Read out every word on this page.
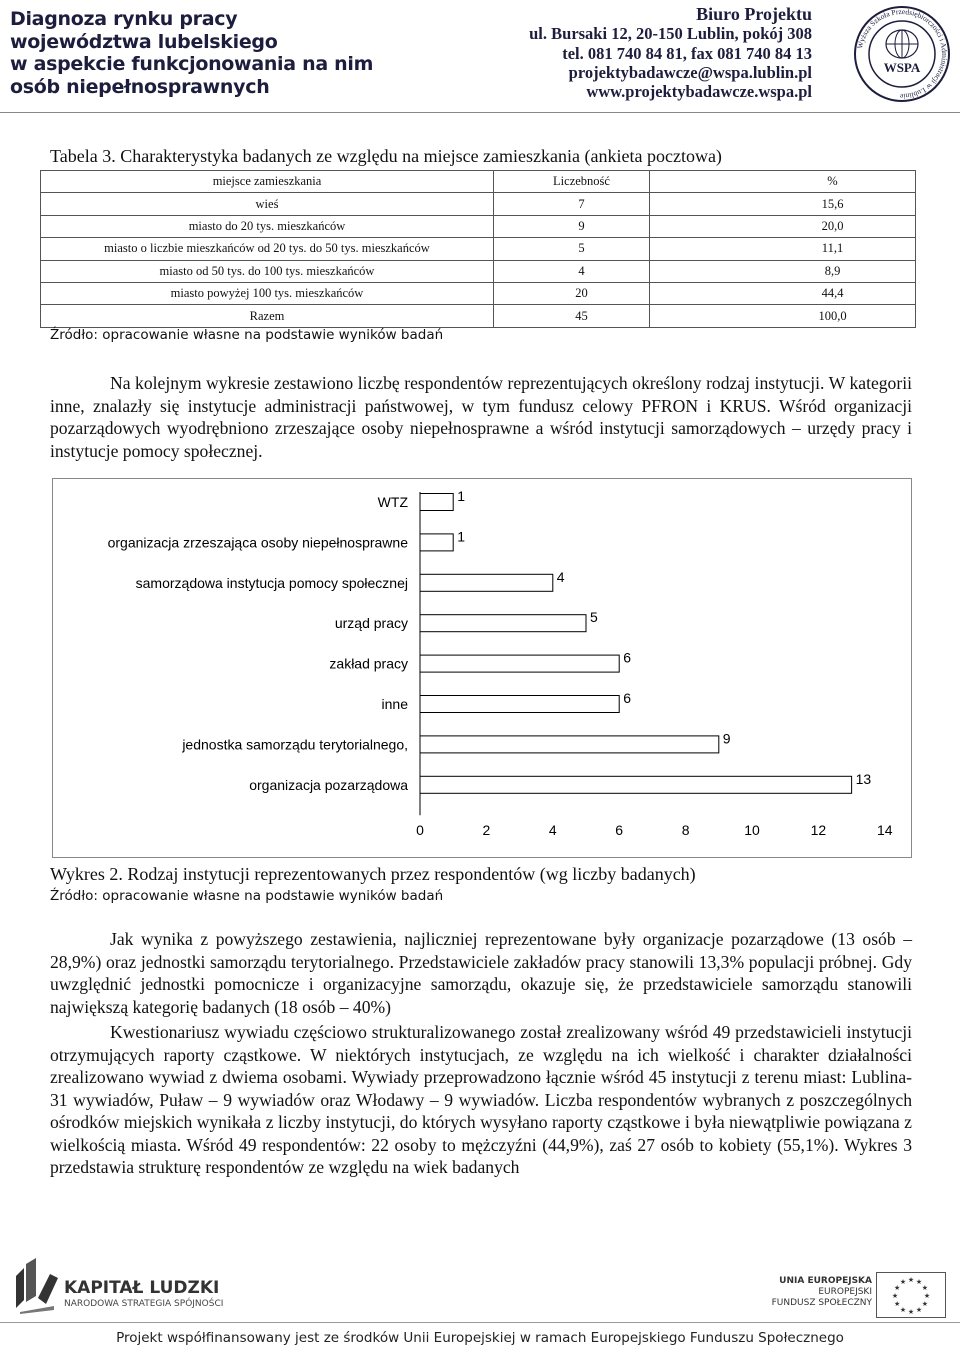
Diagnoza rynku pracy
województwa lubelskiego
w aspekcie funkcjonowania na nim
osób niepełnosprawnych
Biuro Projektu
ul. Bursaki 12, 20-150 Lublin, pokój 308
tel. 081 740 84 81, fax 081 740 84 13
projektybadawcze@wspa.lublin.pl
www.projektybadawcze.wspa.pl
WSPA
Wyższa Szkoła Przedsiębiorczości i Administracji w Lublinie
Tabela 3. Charakterystyka badanych ze względu na miejsce zamieszkania (ankieta pocztowa)
miejsce zamieszkania	Liczebność	%
wieś	7	15,6
miasto do 20 tys. mieszkańców	9	20,0
miasto o liczbie mieszkańców od 20 tys. do 50 tys. mieszkańców	5	11,1
miasto od 50 tys. do 100 tys. mieszkańców	4	8,9
miasto powyżej 100 tys. mieszkańców	20	44,4
Razem	45	100,0
Źródło: opracowanie własne na podstawie wyników badań

Na kolejnym wykresie zestawiono liczbę respondentów reprezentujących określony rodzaj instytucji. W kategorii inne, znalazły się instytucje administracji państwowej, w tym fundusz celowy PFRON i KRUS. Wśród organizacji pozarządowych wyodrębniono zrzeszające osoby niepełnosprawne a wśród instytucji samorządowych – urzędy pracy i instytucje pomocy społecznej.

WTZ	1
organizacja zrzeszająca osoby niepełnosprawne	1
samorządowa instytucja pomocy społecznej	4
urząd pracy	5
zakład pracy	6
inne	6
jednostka samorządu terytorialnego,	9
organizacja pozarządowa	13
0	2	4	6	8	10	12	14
Wykres 2. Rodzaj instytucji reprezentowanych przez respondentów (wg liczby badanych)
Źródło: opracowanie własne na podstawie wyników badań

Jak wynika z powyższego zestawienia, najliczniej reprezentowane były organizacje pozarządowe (13 osób – 28,9%) oraz jednostki samorządu terytorialnego. Przedstawiciele zakładów pracy stanowili 13,3% populacji próbnej. Gdy uwzględnić jednostki pomocnicze i organizacyjne samorządu, okazuje się, że przedstawiciele samorządu stanowili największą kategorię badanych (18 osób – 40%)

Kwestionariusz wywiadu częściowo strukturalizowanego został zrealizowany wśród 49 przedstawicieli instytucji otrzymujących raporty cząstkowe. W niektórych instytucjach, ze względu na ich wielkość i charakter działalności zrealizowano wywiad z dwiema osobami. Wywiady przeprowadzono łącznie wśród 45 instytucji z terenu miast: Lublina- 31 wywiadów, Puław – 9 wywiadów oraz Włodawy – 9 wywiadów. Liczba respondentów wybranych z poszczególnych ośrodków miejskich wynikała z liczby instytucji, do których wysyłano raporty cząstkowe i była niewątpliwie powiązana z wielkością miasta. Wśród 49 respondentów: 22 osoby to mężczyźni (44,9%), zaś 27 osób to kobiety (55,1%). Wykres 3 przedstawia strukturę respondentów ze względu na wiek badanych

KAPITAŁ LUDZKI
NARODOWA STRATEGIA SPÓJNOŚCI
UNIA EUROPEJSKA
EUROPEJSKI
FUNDUSZ SPOŁECZNY
★
★
★
★
★
★
★
★
★ ★ ★
★
Projekt współfinansowany jest ze środków Unii Europejskiej w ramach Europejskiego Funduszu Społecznego
